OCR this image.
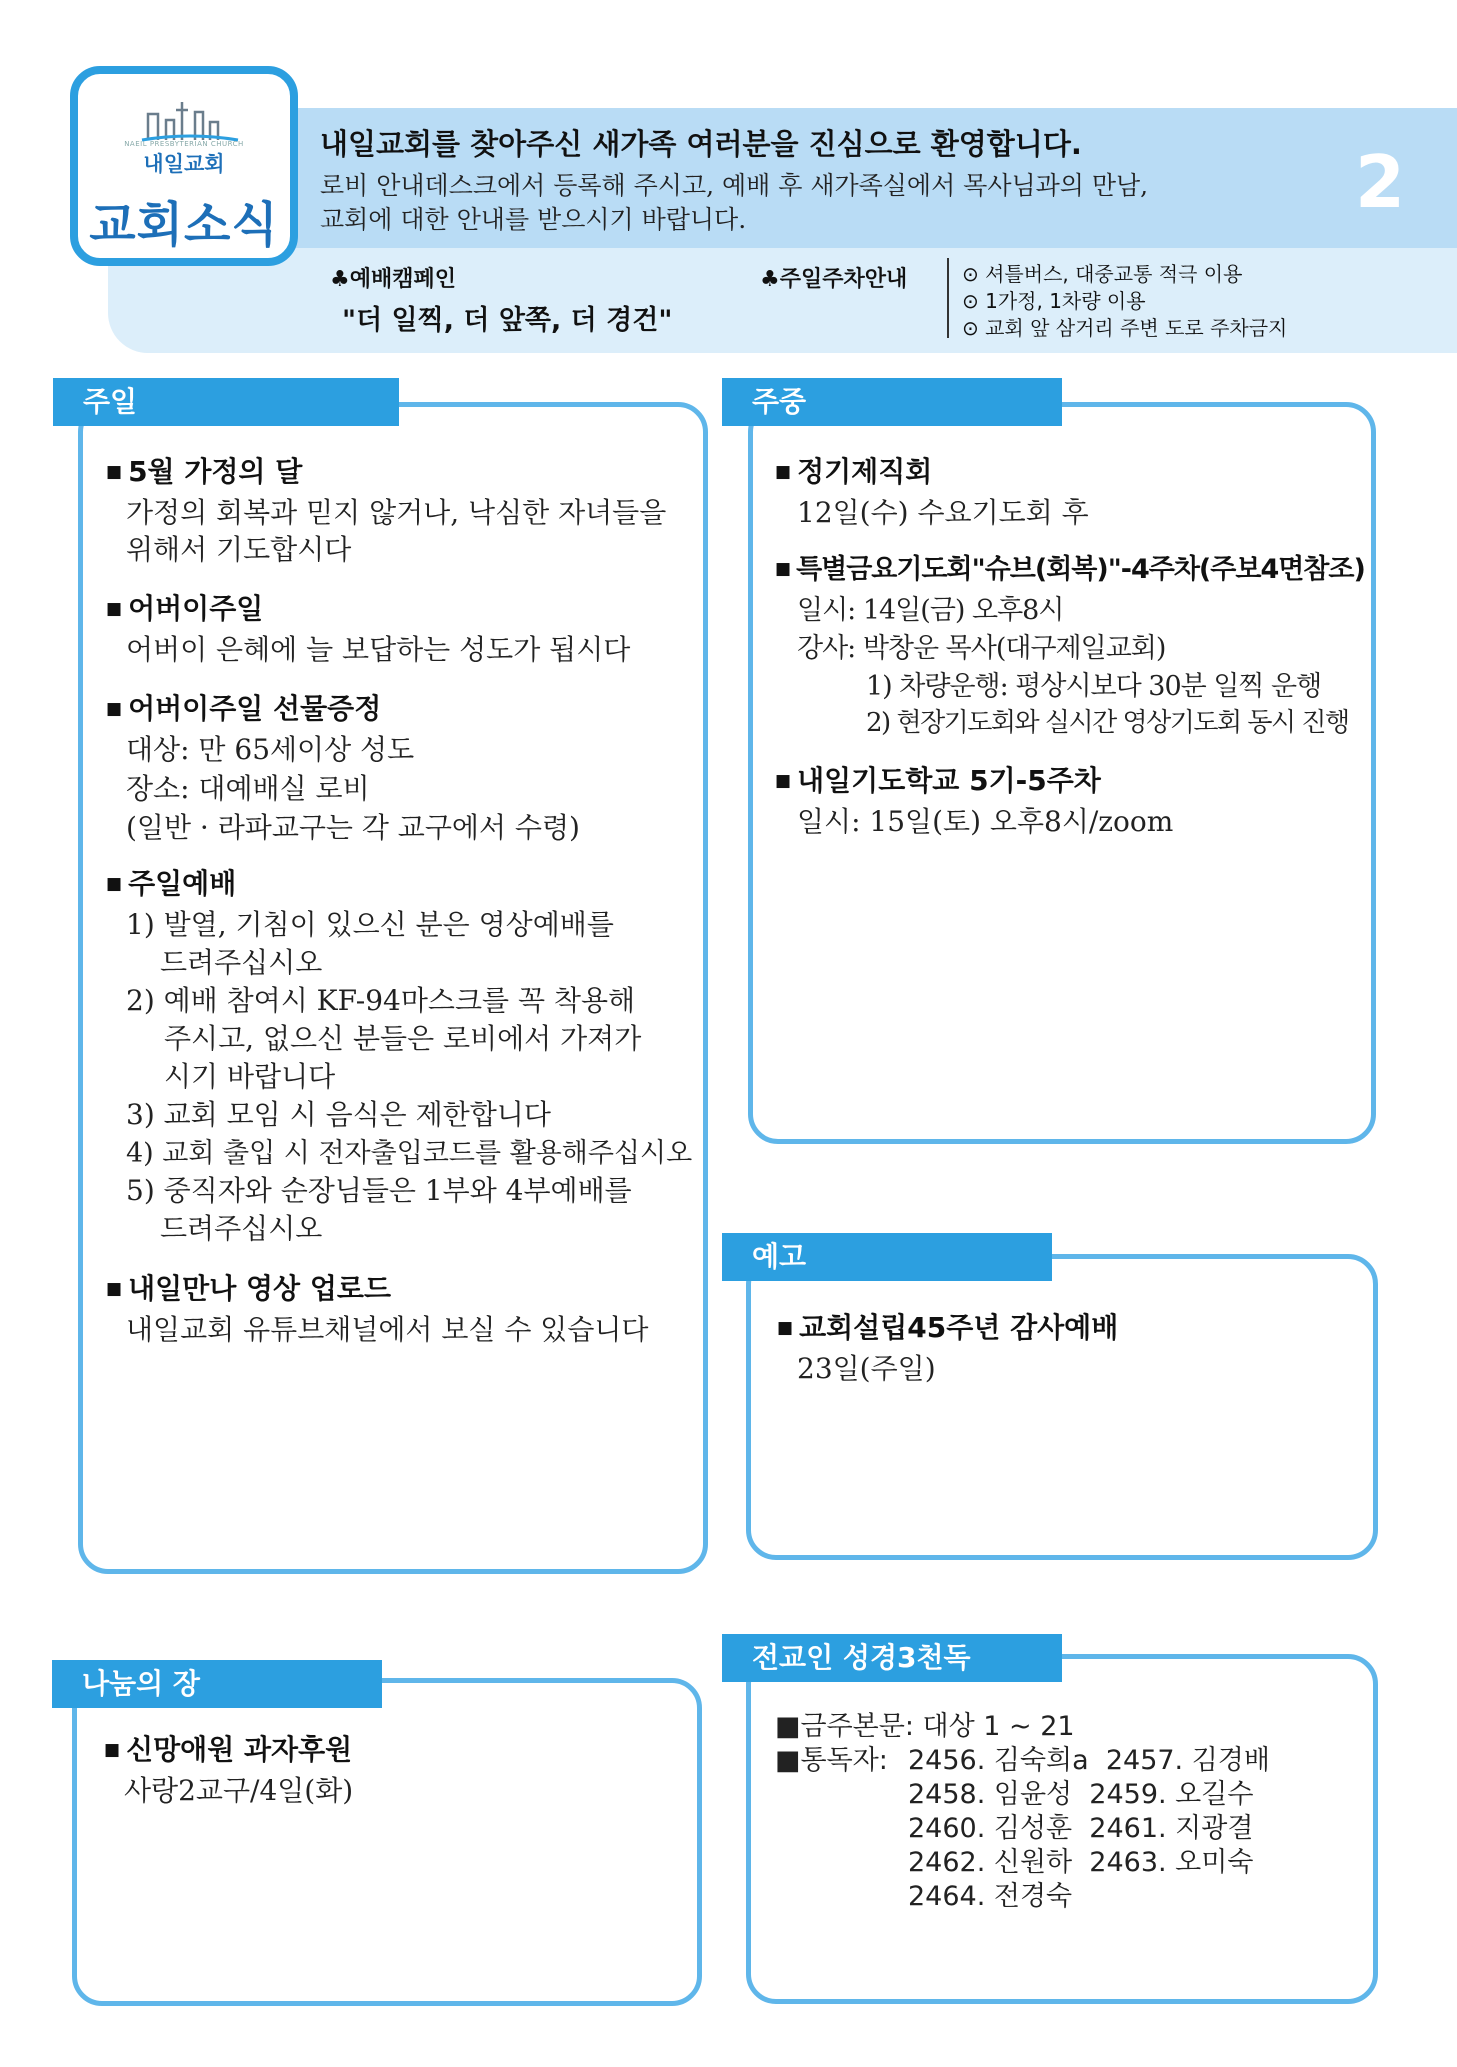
NAEIL PRESBYTERIAN CHURCH
내일교회
교회소식
내일교회를 찾아주신 새가족 여러분을 진심으로 환영합니다.
로비 안내데스크에서 등록해 주시고, 예배 후 새가족실에서 목사님과의 만남,
교회에 대한 안내를 받으시기 바랍니다.	2
♣예배캠페인
"더 일찍, 더 앞쪽, 더 경건"
♣주일주차안내	⊙ 셔틀버스, 대중교통 적극 이용
⊙ 1가정, 1차량 이용
⊙ 교회 앞 삼거리 주변 도로 주차금지
주일
■ 5월 가정의 달
가정의 회복과 믿지 않거나, 낙심한 자녀들을
위해서 기도합시다
■ 어버이주일
어버이 은혜에 늘 보답하는 성도가 됩시다
■ 어버이주일 선물증정
대상: 만 65세이상 성도
장소: 대예배실 로비
(일반 · 라파교구는 각 교구에서 수령)
■ 주일예배
1) 발열, 기침이 있으신 분은 영상예배를
드려주십시오
2) 예배 참여시 KF-94마스크를 꼭 착용해
주시고, 없으신 분들은 로비에서 가져가
시기 바랍니다
3) 교회 모임 시 음식은 제한합니다
4) 교회 출입 시 전자출입코드를 활용해주십시오
5) 중직자와 순장님들은 1부와 4부예배를
드려주십시오
■ 내일만나 영상 업로드
내일교회 유튜브채널에서 보실 수 있습니다
주중
■ 정기제직회
12일(수) 수요기도회 후
■ 특별금요기도회"슈브(회복)"-4주차(주보4면참조)
일시: 14일(금) 오후8시
강사: 박창운 목사(대구제일교회)
1) 차량운행: 평상시보다 30분 일찍 운행
2) 현장기도회와 실시간 영상기도회 동시 진행
■ 내일기도학교 5기-5주차
일시: 15일(토) 오후8시/zoom
예고
■ 교회설립45주년 감사예배
23일(주일)
나눔의 장
■ 신망애원 과자후원
사랑2교구/4일(화)
전교인 성경3천독
■금주본문: 대상 1 ~ 21
■통독자: 2456. 김숙희a  2457. 김경배
2458. 임윤성  2459. 오길수
2460. 김성훈  2461. 지광결
2462. 신원하  2463. 오미숙
2464. 전경숙
